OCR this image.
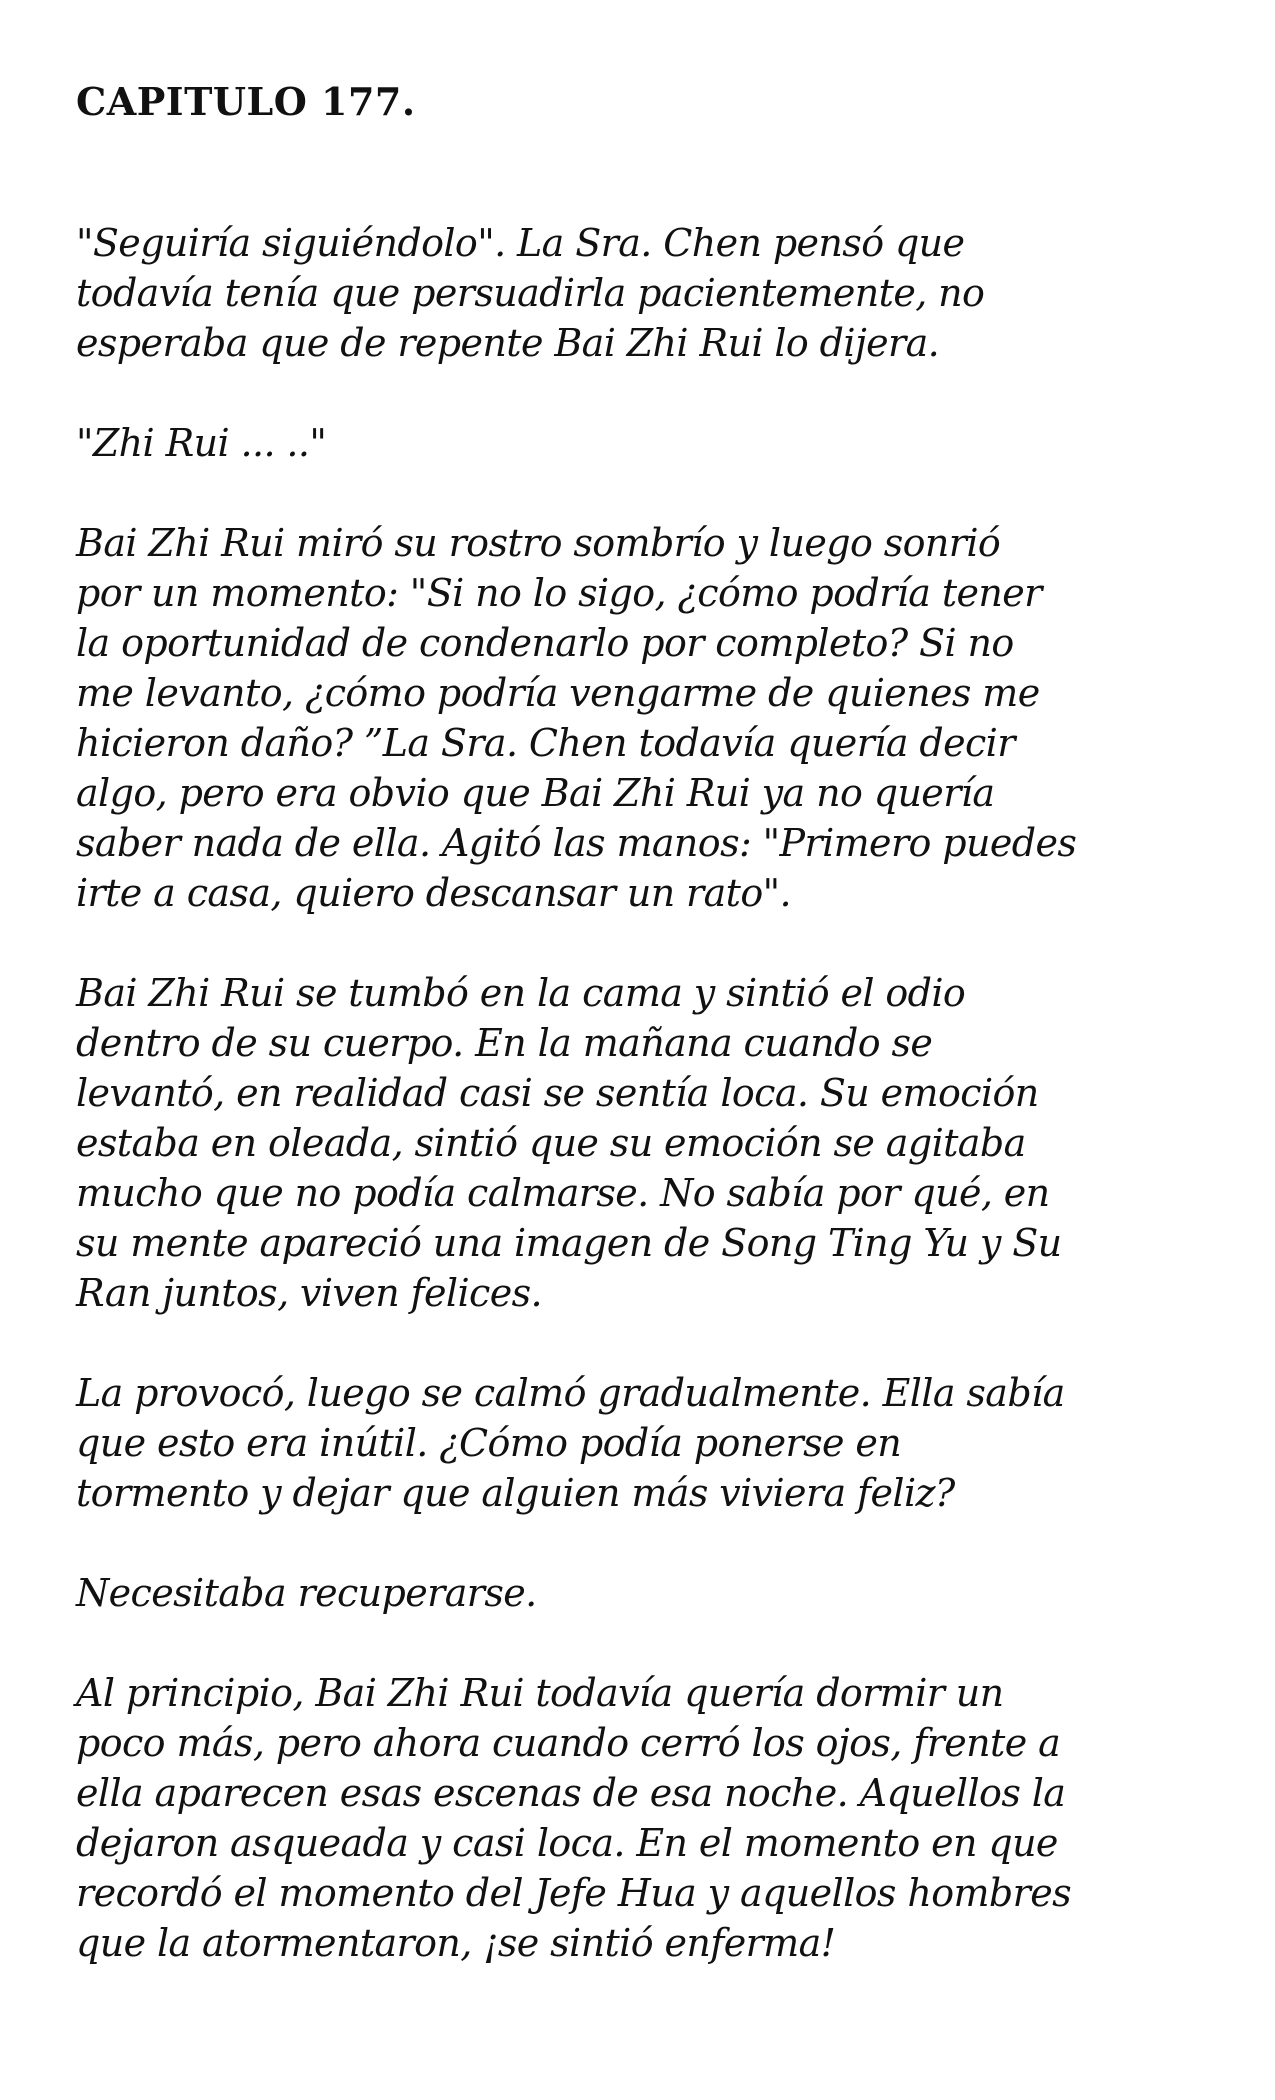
CAPITULO 177.

"Seguiría siguiéndolo". La Sra. Chen pensó que
todavía tenía que persuadirla pacientemente, no
esperaba que de repente Bai Zhi Rui lo dijera.

"Zhi Rui ... .."

Bai Zhi Rui miró su rostro sombrío y luego sonrió
por un momento: "Si no lo sigo, ¿cómo podría tener
la oportunidad de condenarlo por completo? Si no
me levanto, ¿cómo podría vengarme de quienes me
hicieron daño? ”La Sra. Chen todavía quería decir
algo, pero era obvio que Bai Zhi Rui ya no quería
saber nada de ella. Agitó las manos: "Primero puedes
irte a casa, quiero descansar un rato".

Bai Zhi Rui se tumbó en la cama y sintió el odio
dentro de su cuerpo. En la mañana cuando se
levantó, en realidad casi se sentía loca. Su emoción
estaba en oleada, sintió que su emoción se agitaba
mucho que no podía calmarse. No sabía por qué, en
su mente apareció una imagen de Song Ting Yu y Su
Ran juntos, viven felices.

La provocó, luego se calmó gradualmente. Ella sabía
que esto era inútil. ¿Cómo podía ponerse en
tormento y dejar que alguien más viviera feliz?

Necesitaba recuperarse.

Al principio, Bai Zhi Rui todavía quería dormir un
poco más, pero ahora cuando cerró los ojos, frente a
ella aparecen esas escenas de esa noche. Aquellos la
dejaron asqueada y casi loca. En el momento en que
recordó el momento del Jefe Hua y aquellos hombres
que la atormentaron, ¡se sintió enferma!
